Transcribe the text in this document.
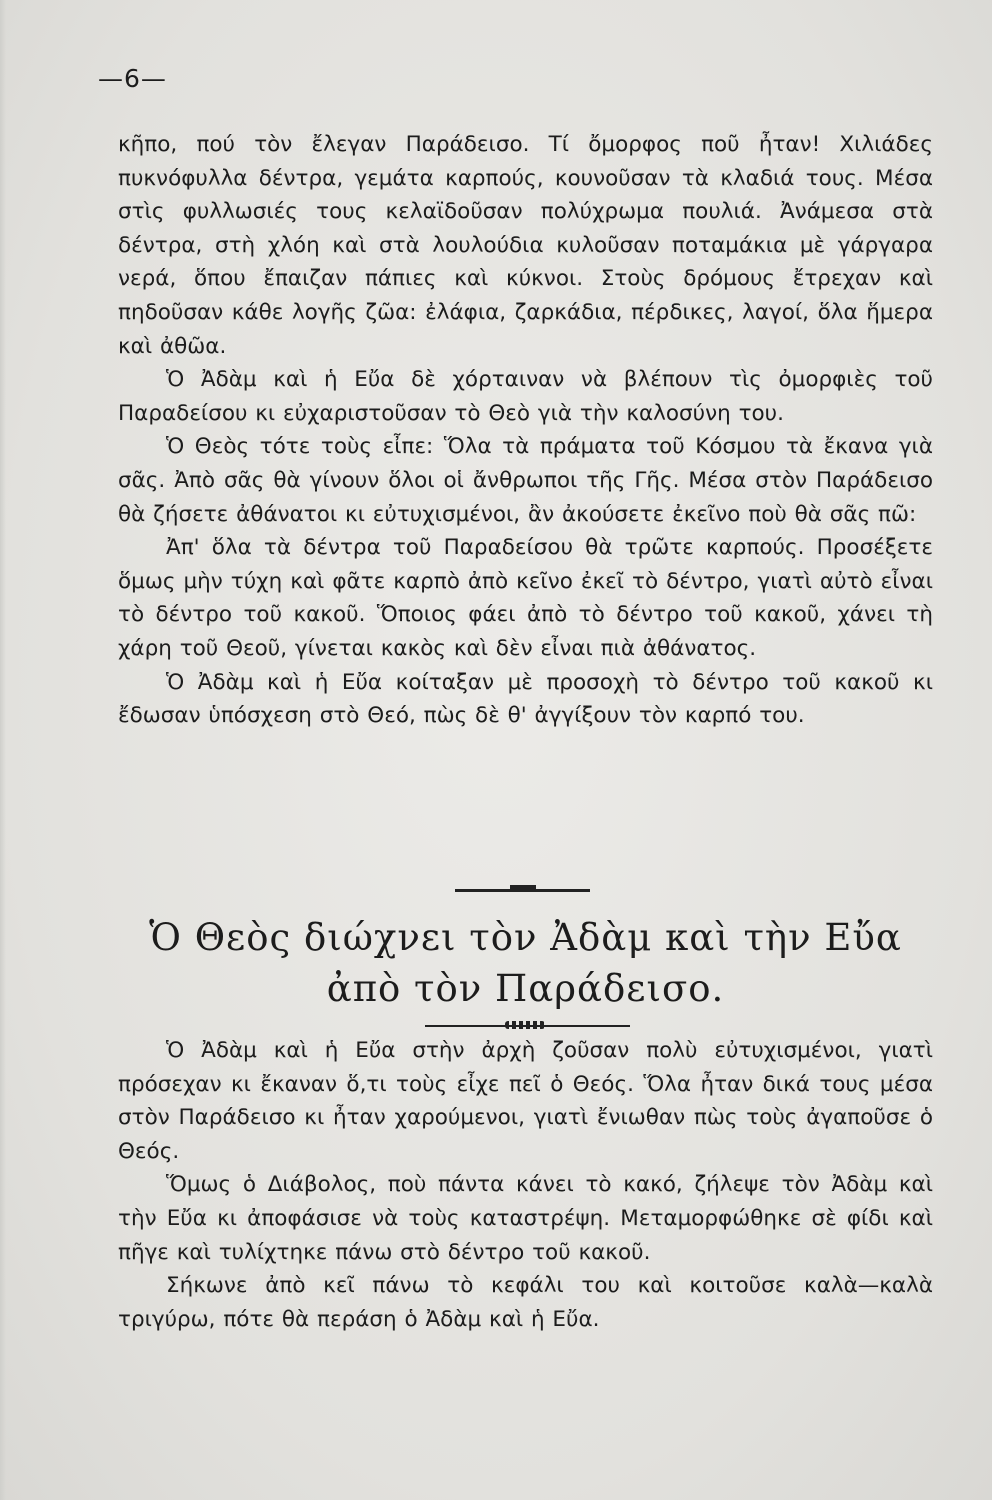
—6—

κῆπο, πού τὸν ἔλεγαν Παράδεισο. Τί ὄμορφος ποῦ ἦταν! Χιλιάδες πυκνόφυλλα δέντρα, γεμάτα καρπούς, κουνοῦσαν τὰ κλαδιά τους. Μέσα στὶς φυλλωσιές τους κελαϊδοῦσαν πολύχρωμα πουλιά. Ἀνάμεσα στὰ δέντρα, στὴ χλόη καὶ στὰ λουλούδια κυλοῦσαν ποταμάκια μὲ γάργαρα νερά, ὅπου ἔπαιζαν πάπιες καὶ κύκνοι. Στοὺς δρόμους ἔτρεχαν καὶ πηδοῦσαν κάθε λογῆς ζῶα: ἐλάφια, ζαρκάδια, πέρδικες, λαγοί, ὅλα ἥμερα καὶ ἀθῶα.

Ὁ Ἀδὰμ καὶ ἡ Εὔα δὲ χόρταιναν νὰ βλέπουν τὶς ὀμορφιὲς τοῦ Παραδείσου κι εὐχαριστοῦσαν τὸ Θεὸ γιὰ τὴν καλοσύνη του.

Ὁ Θεὸς τότε τοὺς εἶπε: Ὅλα τὰ πράματα τοῦ Κόσμου τὰ ἔκανα γιὰ σᾶς. Ἀπὸ σᾶς θὰ γίνουν ὅλοι οἱ ἄνθρωποι τῆς Γῆς. Μέσα στὸν Παράδεισο θὰ ζήσετε ἀθάνατοι κι εὐτυχισμένοι, ἂν ἀκούσετε ἐκεῖνο ποὺ θὰ σᾶς πῶ:

Ἀπ' ὅλα τὰ δέντρα τοῦ Παραδείσου θὰ τρῶτε καρπούς. Προσέξετε ὅμως μὴν τύχη καὶ φᾶτε καρπὸ ἀπὸ κεῖνο ἐκεῖ τὸ δέντρο, γιατὶ αὐτὸ εἶναι τὸ δέντρο τοῦ κακοῦ. Ὅποιος φάει ἀπὸ τὸ δέντρο τοῦ κακοῦ, χάνει τὴ χάρη τοῦ Θεοῦ, γίνεται κακὸς καὶ δὲν εἶναι πιὰ ἀθάνατος.

Ὁ Ἀδὰμ καὶ ἡ Εὔα κοίταξαν μὲ προσοχὴ τὸ δέντρο τοῦ κακοῦ κι ἔδωσαν ὑπόσχεση στὸ Θεό, πὼς δὲ θ' ἀγγίξουν τὸν καρπό του.

Ὁ Θεὸς διώχνει τὸν Ἀδὰμ καὶ τὴν Εὔα ἀπὸ τὸν Παράδεισο.

Ὁ Ἀδὰμ καὶ ἡ Εὔα στὴν ἀρχὴ ζοῦσαν πολὺ εὐτυχισμένοι, γιατὶ πρόσεχαν κι ἔκαναν ὅ,τι τοὺς εἶχε πεῖ ὁ Θεός. Ὅλα ἦταν δικά τους μέσα στὸν Παράδεισο κι ἦταν χαρούμενοι, γιατὶ ἔνιωθαν πὼς τοὺς ἀγαποῦσε ὁ Θεός.

Ὅμως ὁ Διάβολος, ποὺ πάντα κάνει τὸ κακό, ζήλεψε τὸν Ἀδὰμ καὶ τὴν Εὔα κι ἀποφάσισε νὰ τοὺς καταστρέψη. Μεταμορφώθηκε σὲ φίδι καὶ πῆγε καὶ τυλίχτηκε πάνω στὸ δέντρο τοῦ κακοῦ.

Σήκωνε ἀπὸ κεῖ πάνω τὸ κεφάλι του καὶ κοιτοῦσε καλὰ—καλὰ τριγύρω, πότε θὰ περάση ὁ Ἀδὰμ καὶ ἡ Εὔα.
